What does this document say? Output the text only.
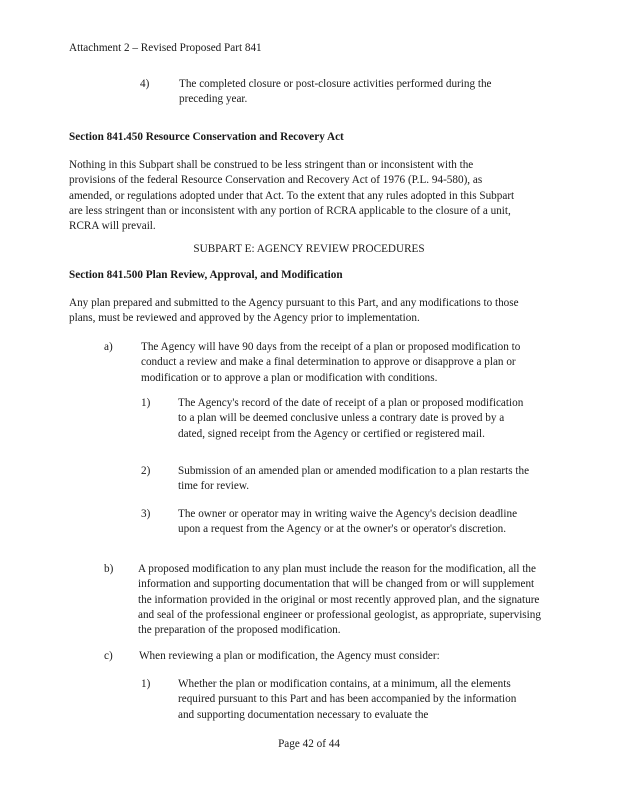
Attachment 2 – Revised Proposed Part 841
4)	The completed closure or post-closure activities performed during the preceding year.
Section 841.450 Resource Conservation and Recovery Act
Nothing in this Subpart shall be construed to be less stringent than or inconsistent with the provisions of the federal Resource Conservation and Recovery Act of 1976 (P.L. 94-580), as amended, or regulations adopted under that Act. To the extent that any rules adopted in this Subpart are less stringent than or inconsistent with any portion of RCRA applicable to the closure of a unit, RCRA will prevail.
SUBPART E: AGENCY REVIEW PROCEDURES
Section 841.500 Plan Review, Approval, and Modification
Any plan prepared and submitted to the Agency pursuant to this Part, and any modifications to those plans, must be reviewed and approved by the Agency prior to implementation.
a)	The Agency will have 90 days from the receipt of a plan or proposed modification to conduct a review and make a final determination to approve or disapprove a plan or modification or to approve a plan or modification with conditions.
1) The Agency's record of the date of receipt of a plan or proposed modification to a plan will be deemed conclusive unless a contrary date is proved by a dated, signed receipt from the Agency or certified or registered mail.
2) Submission of an amended plan or amended modification to a plan restarts the time for review.
3) The owner or operator may in writing waive the Agency's decision deadline upon a request from the Agency or at the owner's or operator's discretion.
b) A proposed modification to any plan must include the reason for the modification, all the information and supporting documentation that will be changed from or will supplement the information provided in the original or most recently approved plan, and the signature and seal of the professional engineer or professional geologist, as appropriate, supervising the preparation of the proposed modification.
c) When reviewing a plan or modification, the Agency must consider:
1) Whether the plan or modification contains, at a minimum, all the elements required pursuant to this Part and has been accompanied by the information and supporting documentation necessary to evaluate the
Page 42 of 44
